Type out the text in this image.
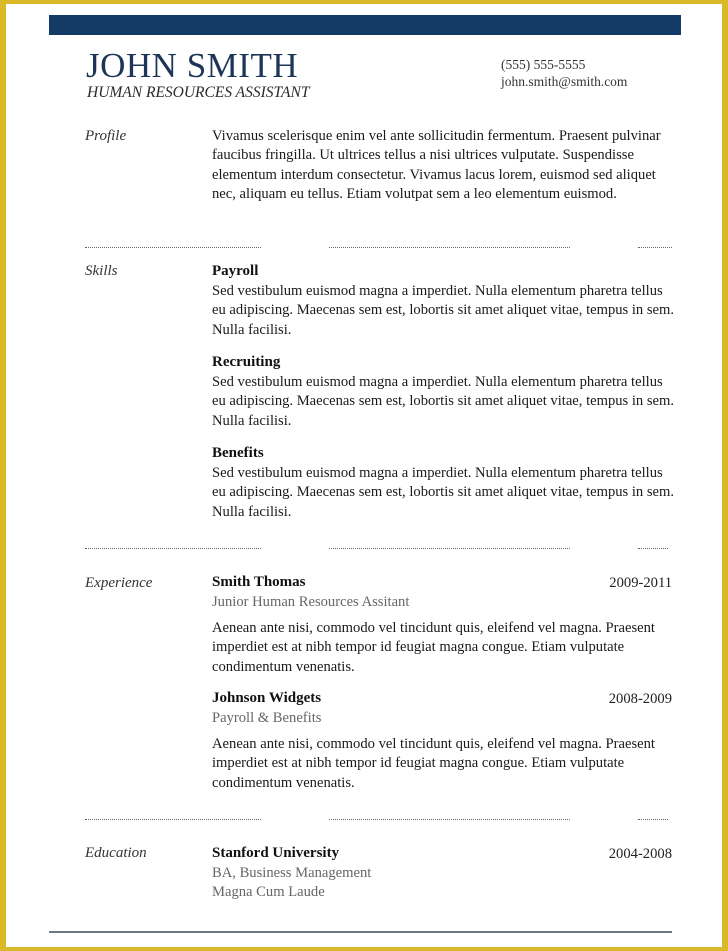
JOHN SMITH
HUMAN RESOURCES ASSISTANT
(555) 555-5555
john.smith@smith.com
Profile	Vivamus scelerisque enim vel ante sollicitudin fermentum. Praesent pulvinar faucibus fringilla. Ut ultrices tellus a nisi ultrices vulputate. Suspendisse elementum interdum consectetur. Vivamus lacus lorem, euismod sed aliquet nec, aliquam eu tellus. Etiam volutpat sem a leo elementum euismod.
Skills	Payroll
Sed vestibulum euismod magna a imperdiet. Nulla elementum pharetra tellus eu adipiscing. Maecenas sem est, lobortis sit amet aliquet vitae, tempus in sem. Nulla facilisi.
Recruiting
Sed vestibulum euismod magna a imperdiet. Nulla elementum pharetra tellus eu adipiscing. Maecenas sem est, lobortis sit amet aliquet vitae, tempus in sem. Nulla facilisi.
Benefits
Sed vestibulum euismod magna a imperdiet. Nulla elementum pharetra tellus eu adipiscing. Maecenas sem est, lobortis sit amet aliquet vitae, tempus in sem. Nulla facilisi.
Experience	Smith Thomas	2009-2011
Junior Human Resources Assitant
Aenean ante nisi, commodo vel tincidunt quis, eleifend vel magna. Praesent imperdiet est at nibh tempor id feugiat magna congue. Etiam vulputate condimentum venenatis.
Johnson Widgets	2008-2009
Payroll & Benefits
Aenean ante nisi, commodo vel tincidunt quis, eleifend vel magna. Praesent imperdiet est at nibh tempor id feugiat magna congue. Etiam vulputate condimentum venenatis.
Education	Stanford University	2004-2008
BA, Business Management
Magna Cum Laude
